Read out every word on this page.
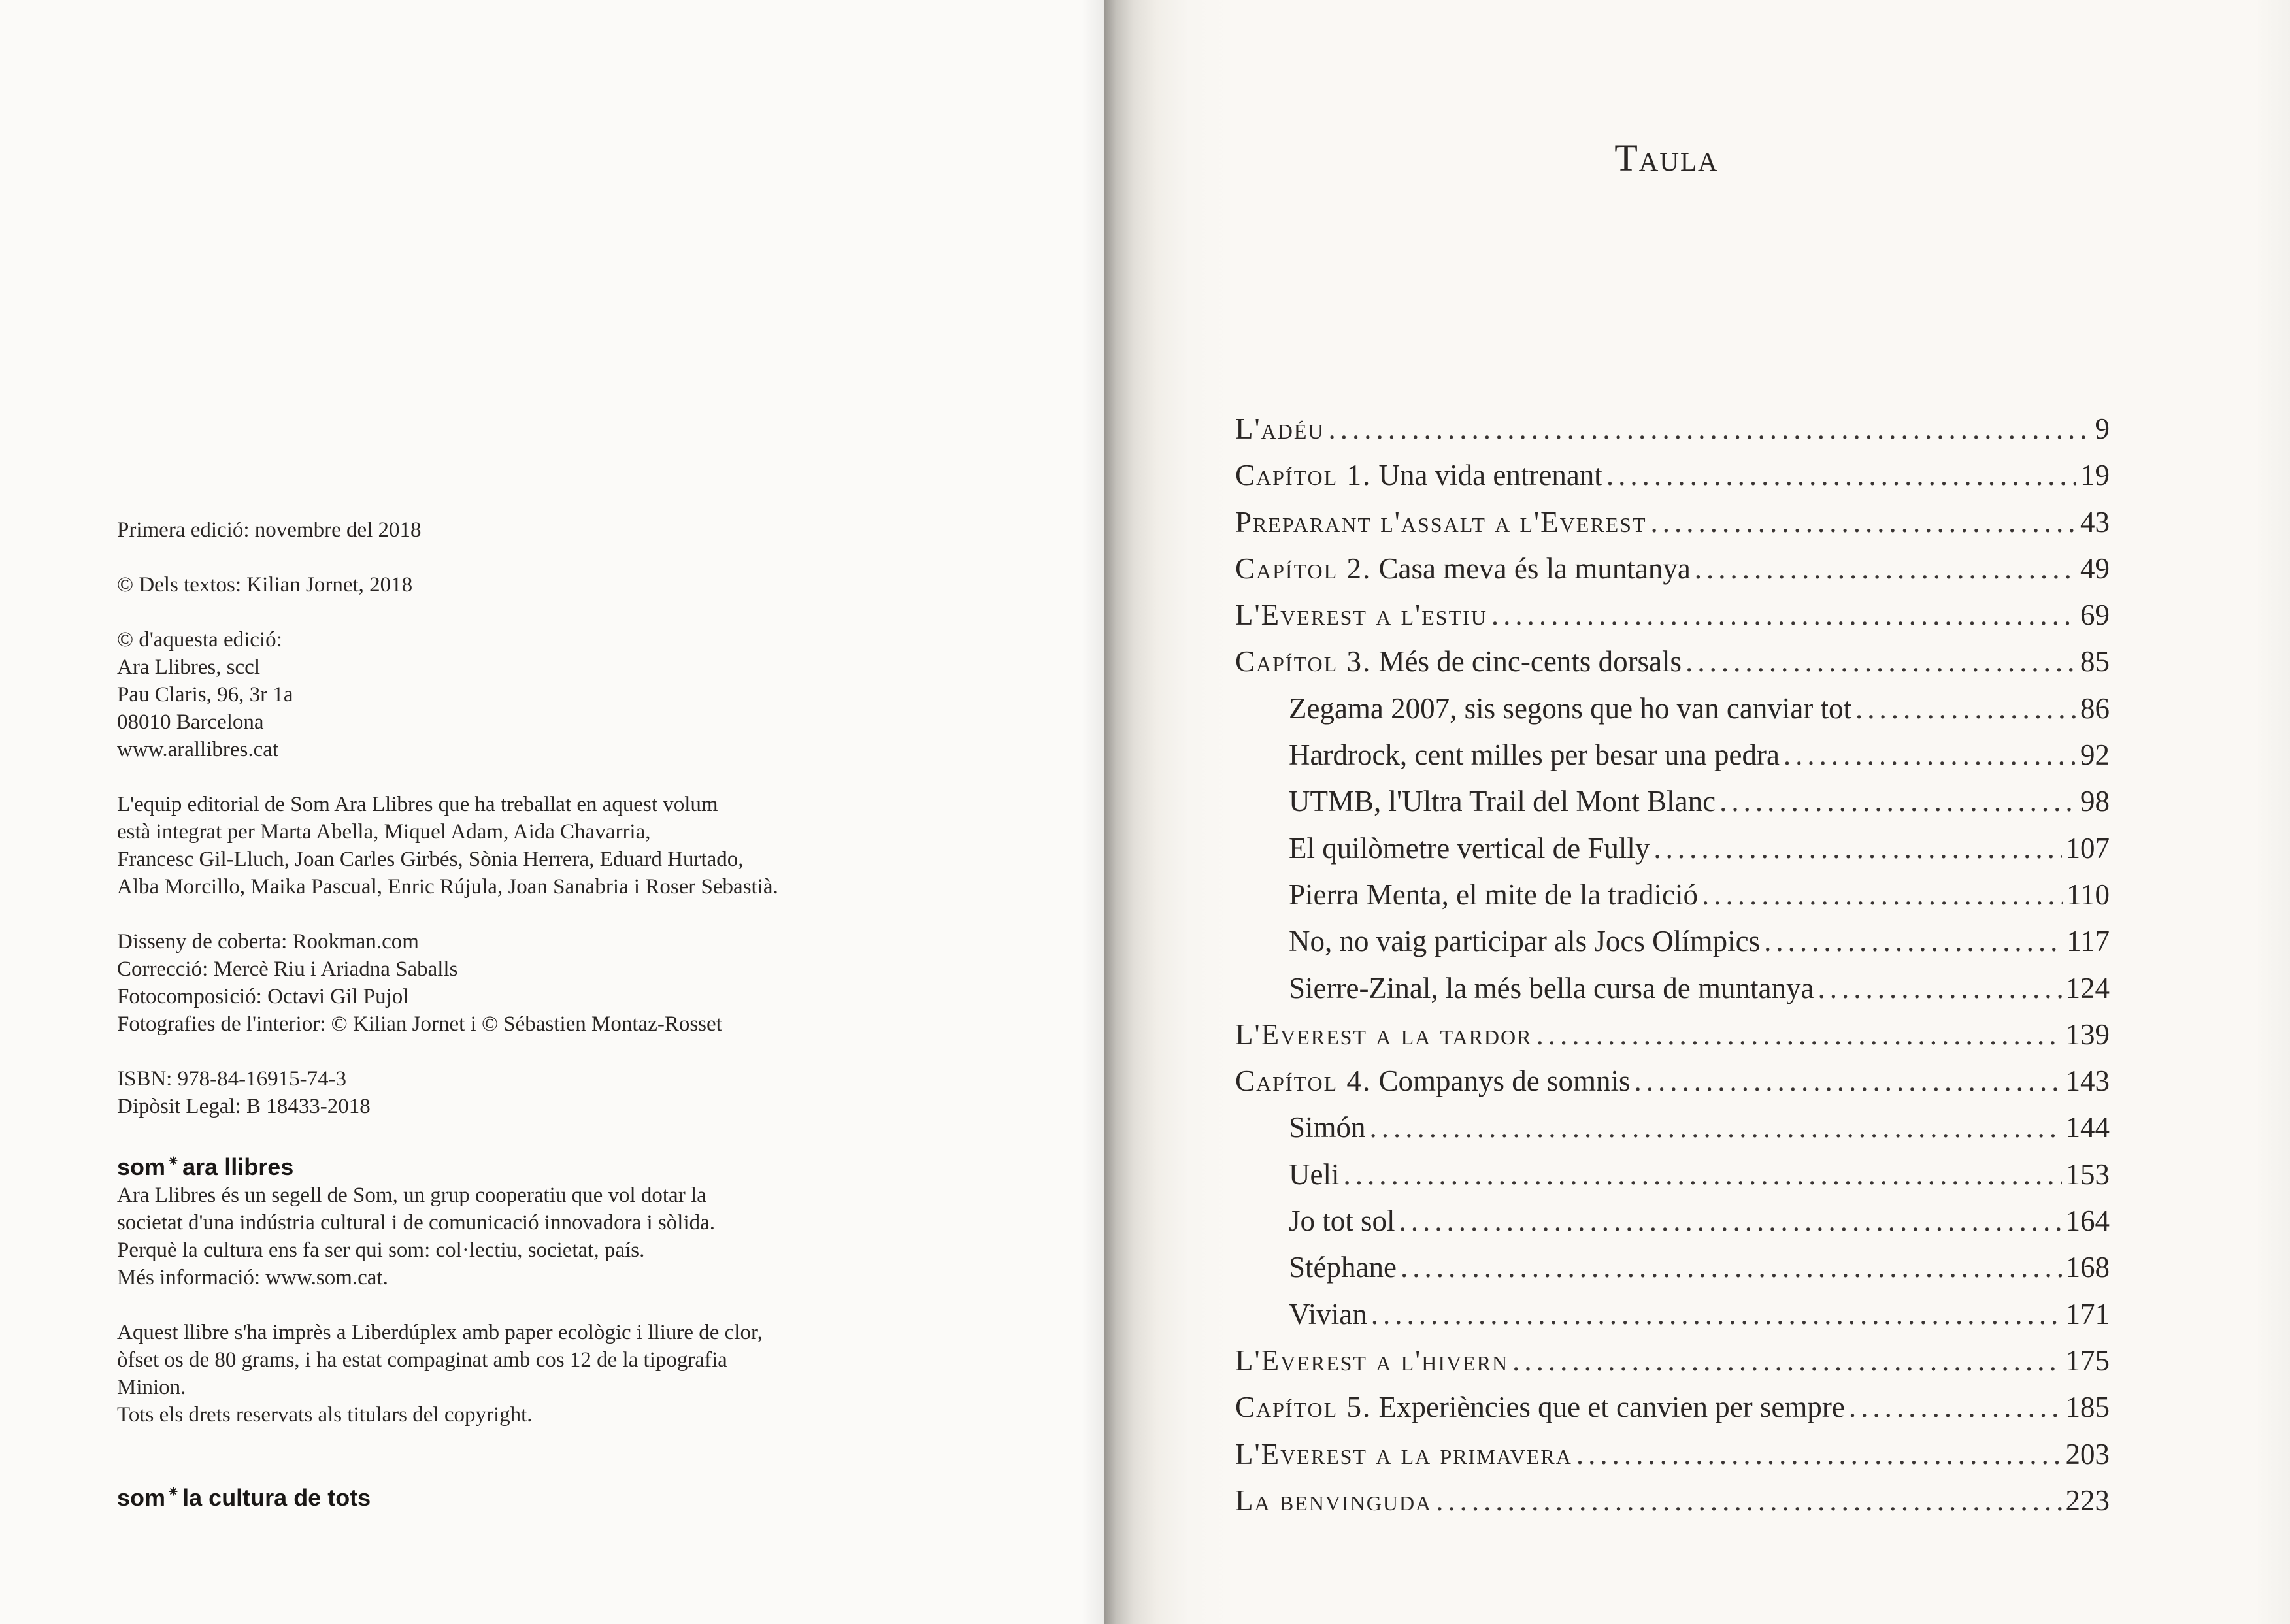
Primera edició: novembre del 2018
© Dels textos: Kilian Jornet, 2018
© d'aquesta edició:
Ara Llibres, sccl
Pau Claris, 96, 3r 1a
08010 Barcelona
www.arallibres.cat
L'equip editorial de Som Ara Llibres que ha treballat en aquest volum
està integrat per Marta Abella, Miquel Adam, Aida Chavarria,
Francesc Gil-Lluch, Joan Carles Girbés, Sònia Herrera, Eduard Hurtado,
Alba Morcillo, Maika Pascual, Enric Rújula, Joan Sanabria i Roser Sebastià.
Disseny de coberta: Rookman.com
Correcció: Mercè Riu i Ariadna Saballs
Fotocomposició: Octavi Gil Pujol
Fotografies de l'interior: © Kilian Jornet i © Sébastien Montaz-Rosset
ISBN: 978-84-16915-74-3
Dipòsit Legal: B 18433-2018
som⁕ ara llibres
Ara Llibres és un segell de Som, un grup cooperatiu que vol dotar la
societat d'una indústria cultural i de comunicació innovadora i sòlida.
Perquè la cultura ens fa ser qui som: col·lectiu, societat, país.
Més informació: www.som.cat.
Aquest llibre s'ha imprès a Liberdúplex amb paper ecològic i lliure de clor,
òfset os de 80 grams, i ha estat compaginat amb cos 12 de la tipografia
Minion.
Tots els drets reservats als titulars del copyright.
som⁕ la cultura de tots
Taula
L'adéu .....	9
Capítol 1. Una vida entrenant .....	19
Preparant l'assalt a l'Everest .....	43
Capítol 2. Casa meva és la muntanya .....	49
L'Everest a l'estiu .....	69
Capítol 3. Més de cinc-cents dorsals .....	85
Zegama 2007, sis segons que ho van canviar tot .....	86
Hardrock, cent milles per besar una pedra .....	92
UTMB, l'Ultra Trail del Mont Blanc .....	98
El quilòmetre vertical de Fully .....	107
Pierra Menta, el mite de la tradició .....	110
No, no vaig participar als Jocs Olímpics .....	117
Sierre-Zinal, la més bella cursa de muntanya .....	124
L'Everest a la tardor .....	139
Capítol 4. Companys de somnis .....	143
Simón .....	144
Ueli .....	153
Jo tot sol .....	164
Stéphane .....	168
Vivian .....	171
L'Everest a l'hivern .....	175
Capítol 5. Experiències que et canvien per sempre .....	185
L'Everest a la primavera .....	203
La benvinguda .....	223
